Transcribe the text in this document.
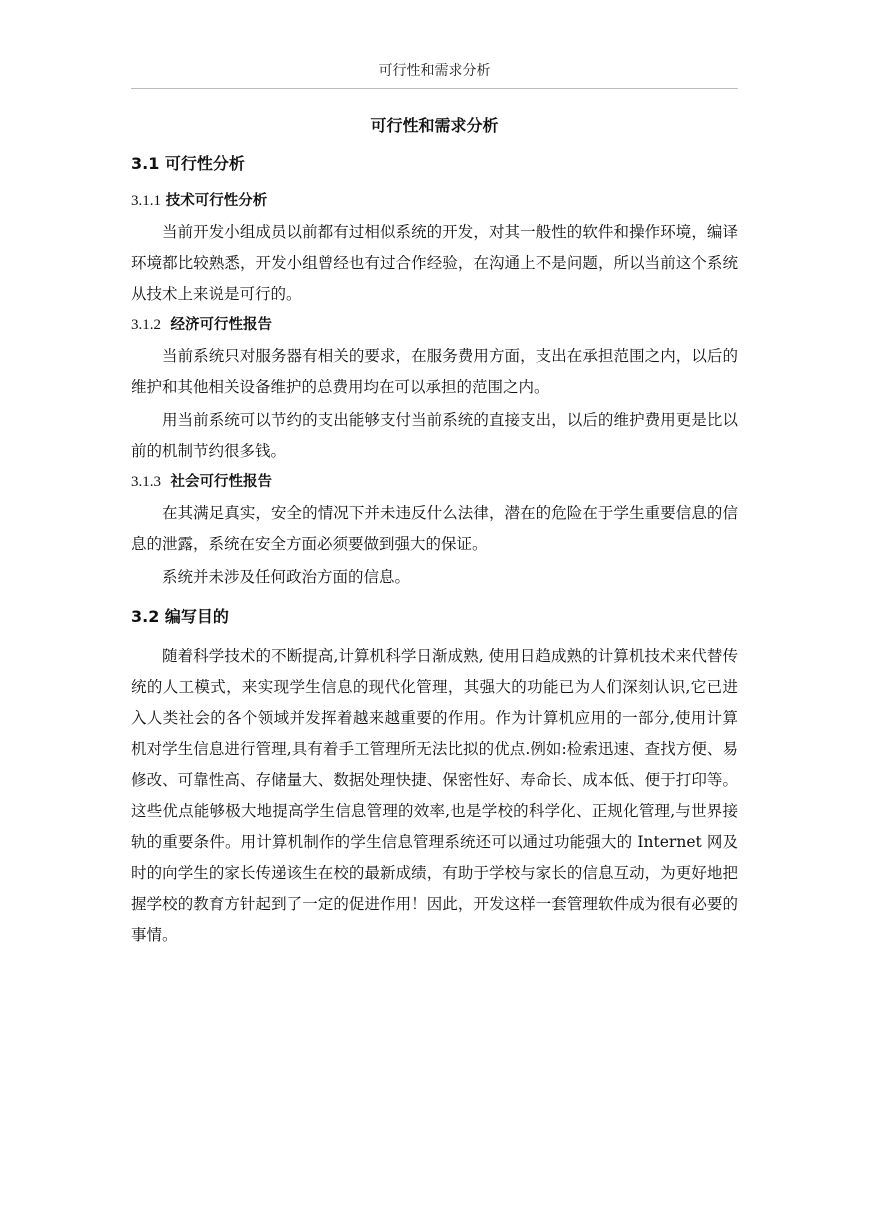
可行性和需求分析
可行性和需求分析
3.1 可行性分析
3.1.1 技术可行性分析

当前开发小组成员以前都有过相似系统的开发，对其一般性的软件和操作环境，编译环境都比较熟悉，开发小组曾经也有过合作经验，在沟通上不是问题，所以当前这个系统从技术上来说是可行的。

3.1.2 经济可行性报告

当前系统只对服务器有相关的要求，在服务费用方面，支出在承担范围之内，以后的维护和其他相关设备维护的总费用均在可以承担的范围之内。

用当前系统可以节约的支出能够支付当前系统的直接支出，以后的维护费用更是比以前的机制节约很多钱。

3.1.3 社会可行性报告

在其满足真实，安全的情况下并未违反什么法律，潜在的危险在于学生重要信息的信息的泄露，系统在安全方面必须要做到强大的保证。

系统并未涉及任何政治方面的信息。

3.2 编写目的

随着科学技术的不断提高,计算机科学日渐成熟, 使用日趋成熟的计算机技术来代替传统的人工模式，来实现学生信息的现代化管理，其强大的功能已为人们深刻认识,它已进入人类社会的各个领域并发挥着越来越重要的作用。作为计算机应用的一部分,使用计算机对学生信息进行管理,具有着手工管理所无法比拟的优点.例如:检索迅速、查找方便、易修改、可靠性高、存储量大、数据处理快捷、保密性好、寿命长、成本低、便于打印等。这些优点能够极大地提高学生信息管理的效率,也是学校的科学化、正规化管理,与世界接轨的重要条件。用计算机制作的学生信息管理系统还可以通过功能强大的 Internet 网及时的向学生的家长传递该生在校的最新成绩，有助于学校与家长的信息互动，为更好地把握学校的教育方针起到了一定的促进作用！因此，开发这样一套管理软件成为很有必要的事情。
